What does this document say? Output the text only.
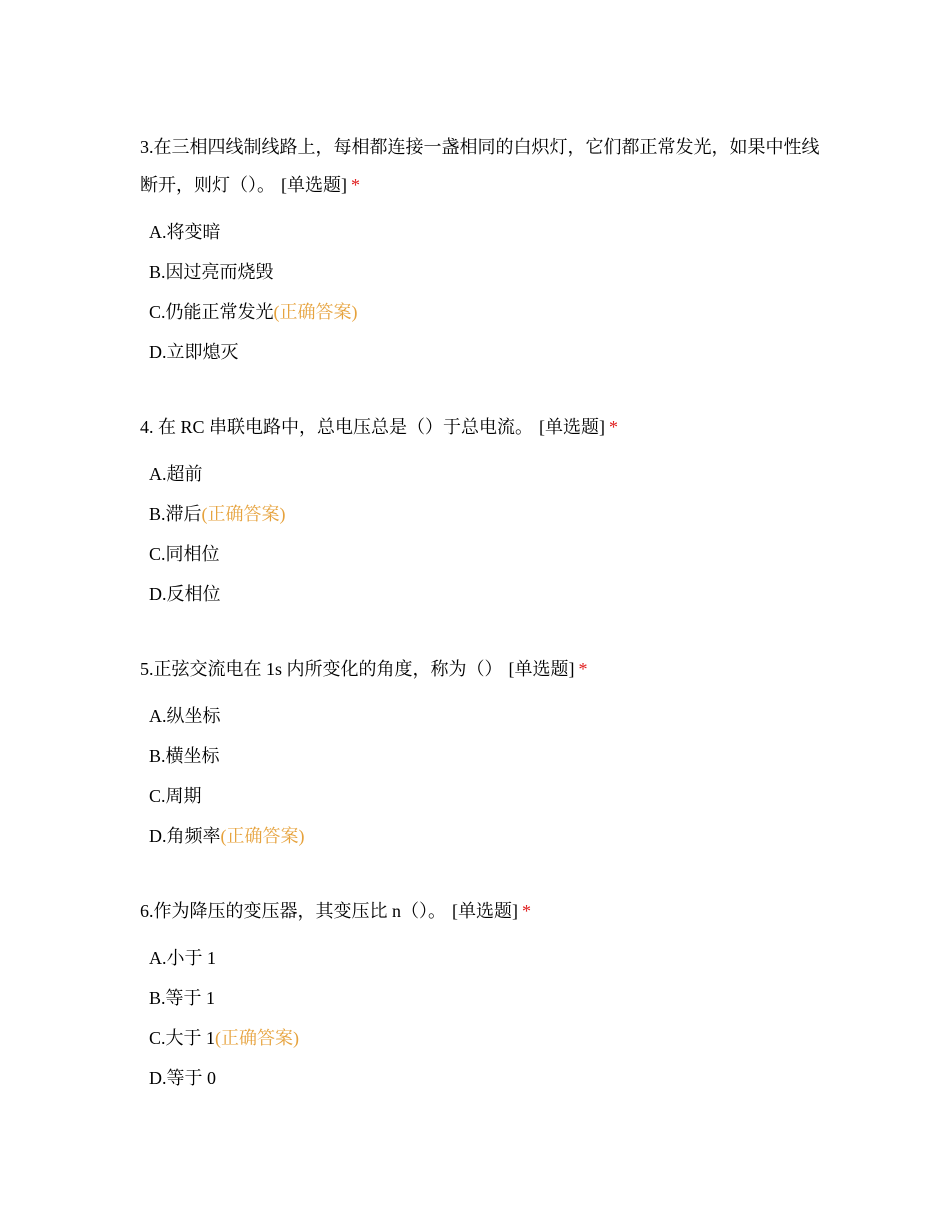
3.在三相四线制线路上，每相都连接一盏相同的白炽灯，它们都正常发光，如果中性线断开，则灯（）。 [单选题] *

A.将变暗
B.因过亮而烧毁
C.仍能正常发光(正确答案)
D.立即熄灭

4. 在 RC 串联电路中，总电压总是（）于总电流。 [单选题] *

A.超前
B.滞后(正确答案)
C.同相位
D.反相位

5.正弦交流电在 1s 内所变化的角度，称为（） [单选题] *

A.纵坐标
B.横坐标
C.周期
D.角频率(正确答案)

6.作为降压的变压器，其变压比 n（）。 [单选题] *

A.小于 1
B.等于 1
C.大于 1(正确答案)
D.等于 0
